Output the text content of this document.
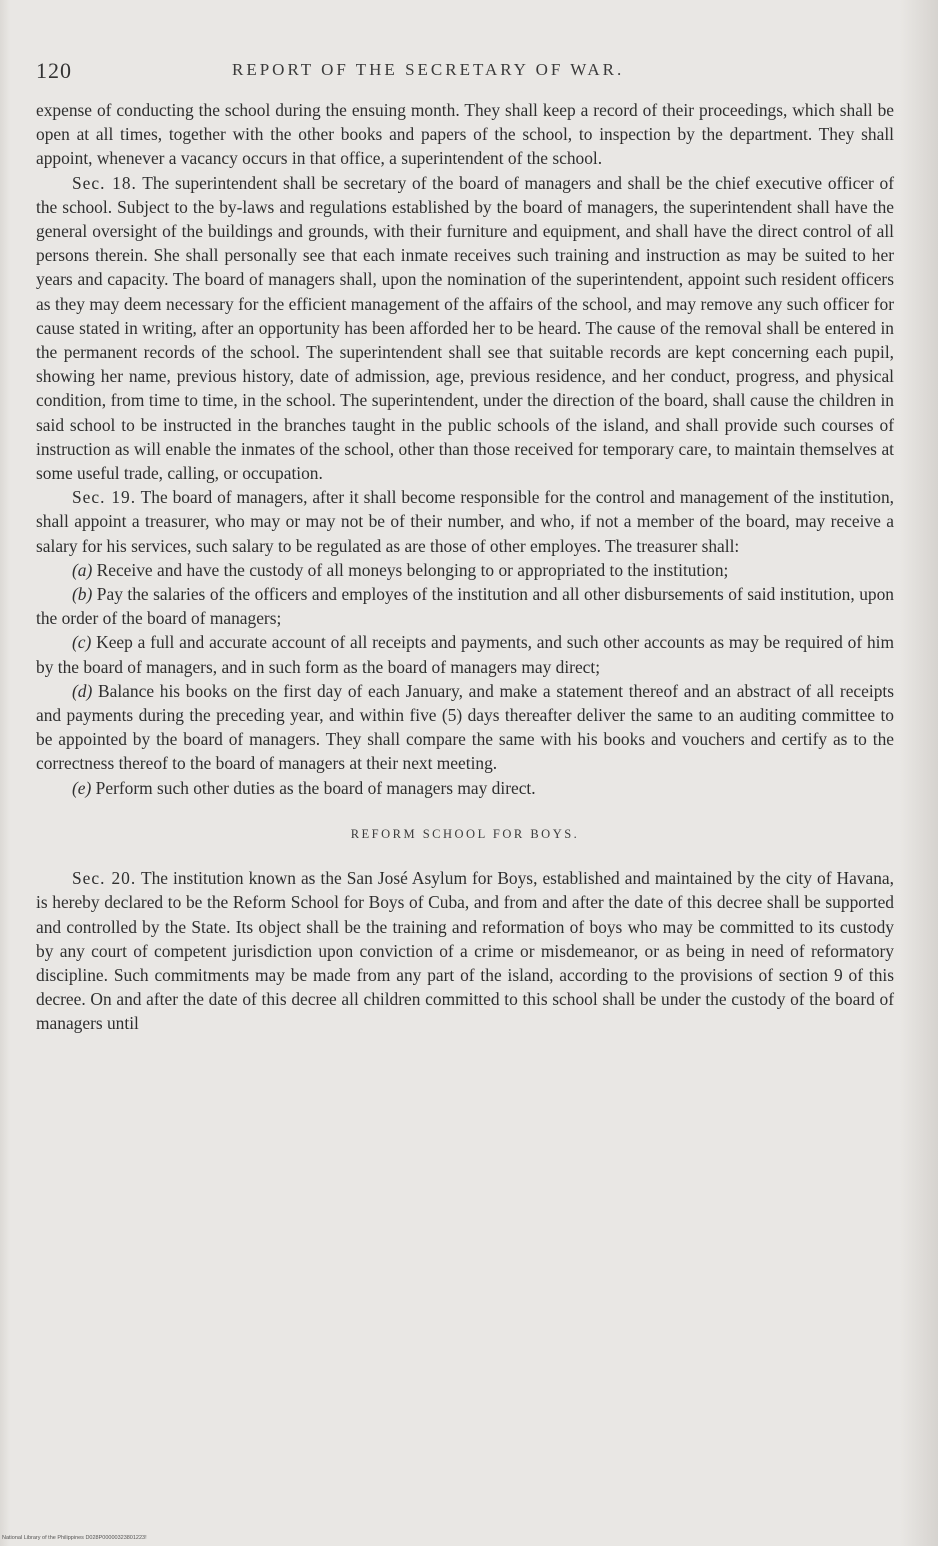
120	REPORT OF THE SECRETARY OF WAR.

expense of conducting the school during the ensuing month. They shall keep a record of their proceedings, which shall be open at all times, together with the other books and papers of the school, to inspection by the department. They shall appoint, whenever a vacancy occurs in that office, a superintendent of the school.

Sec. 18. The superintendent shall be secretary of the board of managers and shall be the chief executive officer of the school. Subject to the by-laws and regulations established by the board of managers, the superintendent shall have the general oversight of the buildings and grounds, with their furniture and equipment, and shall have the direct control of all persons therein. She shall personally see that each inmate receives such training and instruction as may be suited to her years and capacity. The board of managers shall, upon the nomination of the superintendent, appoint such resident officers as they may deem necessary for the efficient management of the affairs of the school, and may remove any such officer for cause stated in writing, after an opportunity has been afforded her to be heard. The cause of the removal shall be entered in the permanent records of the school. The superintendent shall see that suitable records are kept concerning each pupil, showing her name, previous history, date of admission, age, previous residence, and her conduct, progress, and physical condition, from time to time, in the school. The superintendent, under the direction of the board, shall cause the children in said school to be instructed in the branches taught in the public schools of the island, and shall provide such courses of instruction as will enable the inmates of the school, other than those received for temporary care, to maintain themselves at some useful trade, calling, or occupation.

Sec. 19. The board of managers, after it shall become responsible for the control and management of the institution, shall appoint a treasurer, who may or may not be of their number, and who, if not a member of the board, may receive a salary for his services, such salary to be regulated as are those of other employes. The treasurer shall:

(a) Receive and have the custody of all moneys belonging to or appropriated to the institution;

(b) Pay the salaries of the officers and employes of the institution and all other disbursements of said institution, upon the order of the board of managers;

(c) Keep a full and accurate account of all receipts and payments, and such other accounts as may be required of him by the board of managers, and in such form as the board of managers may direct;

(d) Balance his books on the first day of each January, and make a statement thereof and an abstract of all receipts and payments during the preceding year, and within five (5) days thereafter deliver the same to an auditing committee to be appointed by the board of managers. They shall compare the same with his books and vouchers and certify as to the correctness thereof to the board of managers at their next meeting.

(e) Perform such other duties as the board of managers may direct.

REFORM SCHOOL FOR BOYS.

Sec. 20. The institution known as the San José Asylum for Boys, established and maintained by the city of Havana, is hereby declared to be the Reform School for Boys of Cuba, and from and after the date of this decree shall be supported and controlled by the State. Its object shall be the training and reformation of boys who may be committed to its custody by any court of competent jurisdiction upon conviction of a crime or misdemeanor, or as being in need of reformatory discipline. Such commitments may be made from any part of the island, according to the provisions of section 9 of this decree. On and after the date of this decree all children committed to this school shall be under the custody of the board of managers until

National Library of the Philippines D028P00000323801223!
